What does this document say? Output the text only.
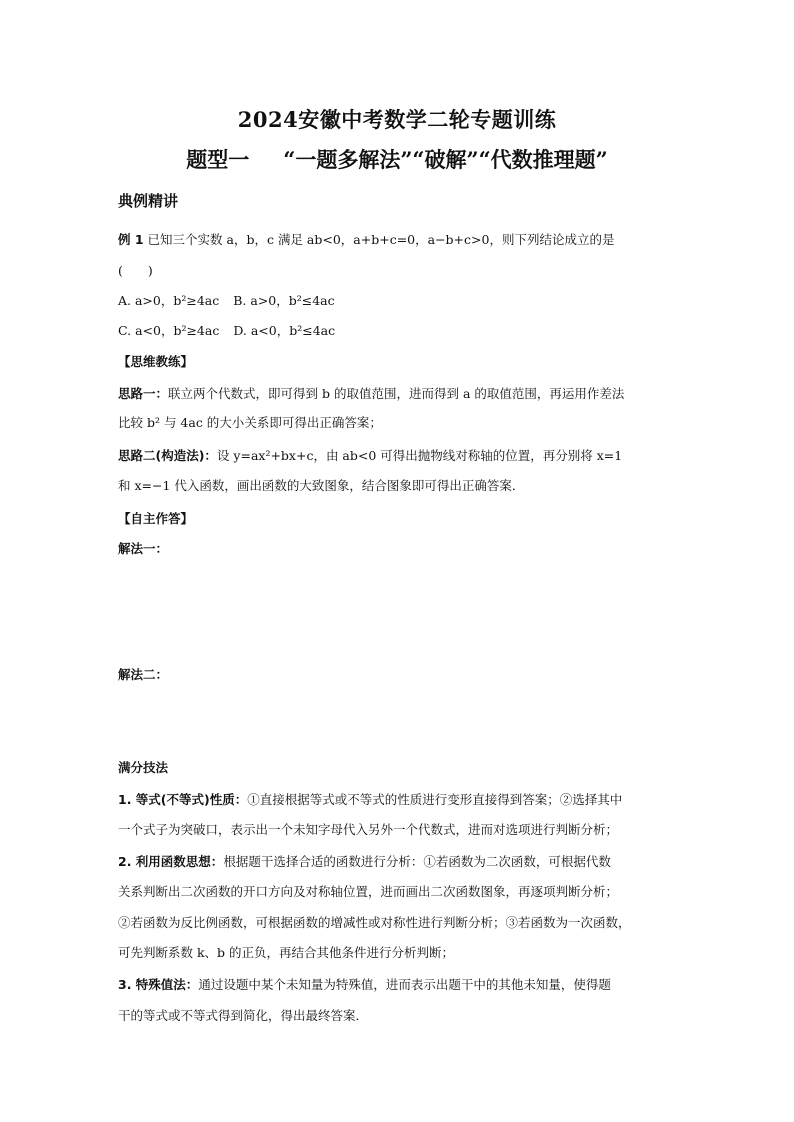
2024安徽中考数学二轮专题训练
题型一 “一题多解法”“破解”“代数推理题”
典例精讲
例 1 已知三个实数 a，b，c 满足 ab<0，a+b+c=0，a−b+c>0，则下列结论成立的是
(　　)
A. a>0，b²≥4ac B. a>0，b²≤4ac
C. a<0，b²≥4ac D. a<0，b²≤4ac
【思维教练】
思路一：联立两个代数式，即可得到 b 的取值范围，进而得到 a 的取值范围，再运用作差法
比较 b² 与 4ac 的大小关系即可得出正确答案；
思路二(构造法)：设 y=ax²+bx+c，由 ab<0 可得出抛物线对称轴的位置，再分别将 x=1
和 x=−1 代入函数，画出函数的大致图象，结合图象即可得出正确答案．
【自主作答】
解法一：
解法二：
满分技法
1. 等式(不等式)性质：①直接根据等式或不等式的性质进行变形直接得到答案；②选择其中
一个式子为突破口，表示出一个未知字母代入另外一个代数式，进而对选项进行判断分析；
2. 利用函数思想：根据题干选择合适的函数进行分析：①若函数为二次函数，可根据代数
关系判断出二次函数的开口方向及对称轴位置，进而画出二次函数图象，再逐项判断分析；
②若函数为反比例函数，可根据函数的增减性或对称性进行判断分析；③若函数为一次函数，
可先判断系数 k、b 的正负，再结合其他条件进行分析判断；
3. 特殊值法：通过设题中某个未知量为特殊值，进而表示出题干中的其他未知量，使得题
干的等式或不等式得到简化，得出最终答案．
